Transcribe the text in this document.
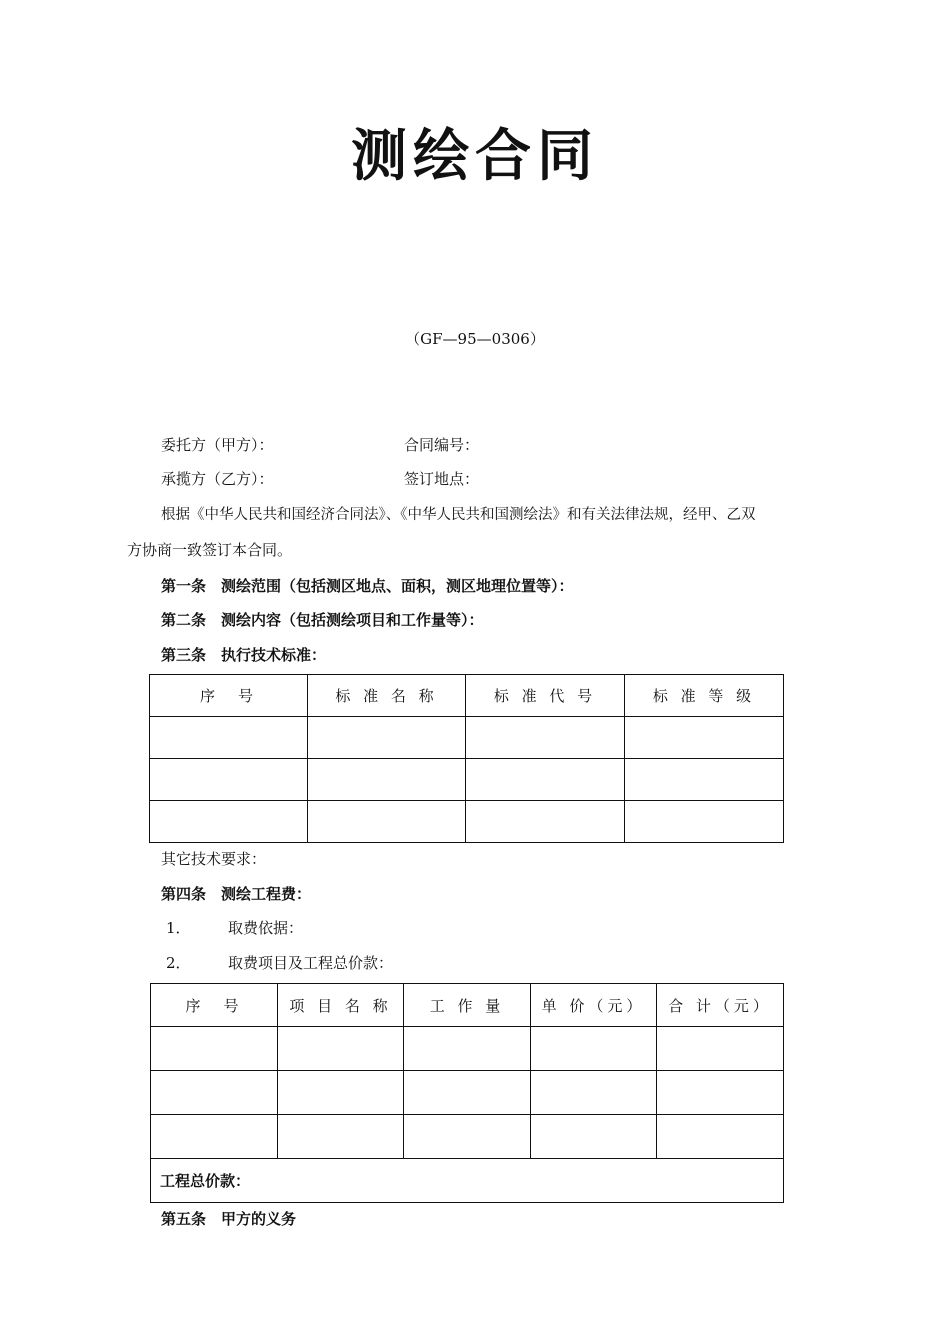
测绘合同
（GF—95—0306）
委托方（甲方）：	合同编号：
承揽方（乙方）：	签订地点：
根据《中华人民共和国经济合同法》、《中华人民共和国测绘法》和有关法律法规，经甲、乙双
方协商一致签订本合同。
第一条　测绘范围（包括测区地点、面积，测区地理位置等）：
第二条　测绘内容（包括测绘项目和工作量等）：
第三条　执行技术标准：
序　号	标 准 名 称	标 准 代 号	标 准 等 级

其它技术要求：
第四条　测绘工程费：
1． 取费依据：
2． 取费项目及工程总价款：
序　号	项 目 名 称	工 作 量	单 价（元）	合 计（元）

工程总价款：				
第五条　甲方的义务
